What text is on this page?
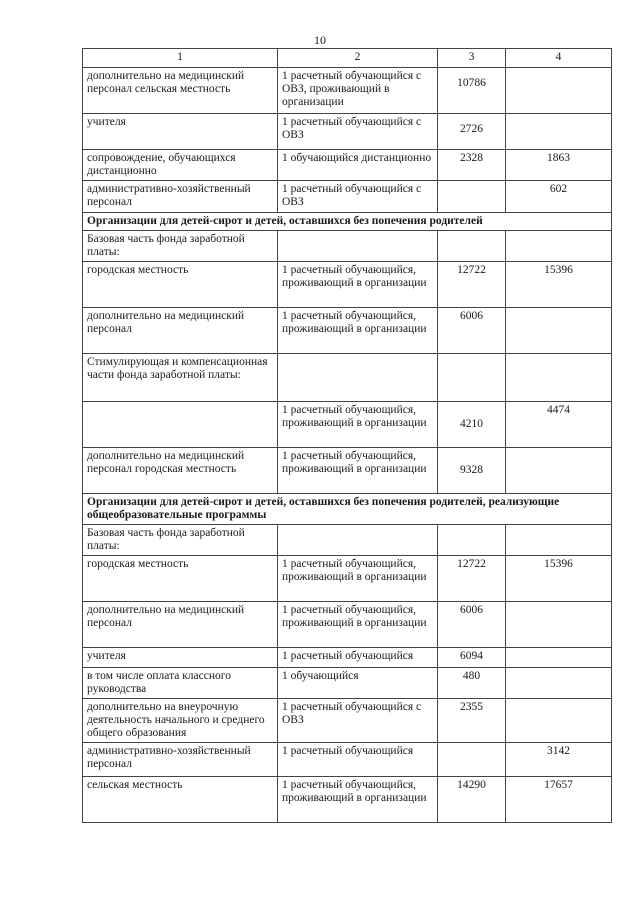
10
1	2	3	4
дополнительно на медицинский персонал сельская местность	1 расчетный обучающийся с ОВЗ, проживающий в организации	10786	
учителя	1 расчетный обучающийся с ОВЗ	2726	
сопровождение, обучающихся дистанционно	1 обучающийся дистанционно	2328	1863
административно-хозяйственный персонал	1 расчетный обучающийся с ОВЗ		602
Организации для детей-сирот и детей, оставшихся без попечения родителей			
Базовая часть фонда заработной платы:			
городская местность	1 расчетный обучающийся, проживающий в организации	12722	15396
дополнительно на медицинский персонал	1 расчетный обучающийся, проживающий в организации	6006	
Стимулирующая и компенсационная части фонда заработной платы:			
	1 расчетный обучающийся, проживающий в организации	4210	4474
дополнительно на медицинский персонал городская местность	1 расчетный обучающийся, проживающий в организации	9328	
Организации для детей-сирот и детей, оставшихся без попечения родителей, реализующие общеобразовательные программы			
Базовая часть фонда заработной платы:			
городская местность	1 расчетный обучающийся, проживающий в организации	12722	15396
дополнительно на медицинский персонал	1 расчетный обучающийся, проживающий в организации	6006	
учителя	1 расчетный обучающийся	6094	
в том числе оплата классного руководства	1 обучающийся	480	
дополнительно на внеурочную деятельность начального и среднего общего образования	1 расчетный обучающийся с ОВЗ	2355	
административно-хозяйственный персонал	1 расчетный обучающийся		3142
сельская местность	1 расчетный обучающийся, проживающий в организации	14290	17657
